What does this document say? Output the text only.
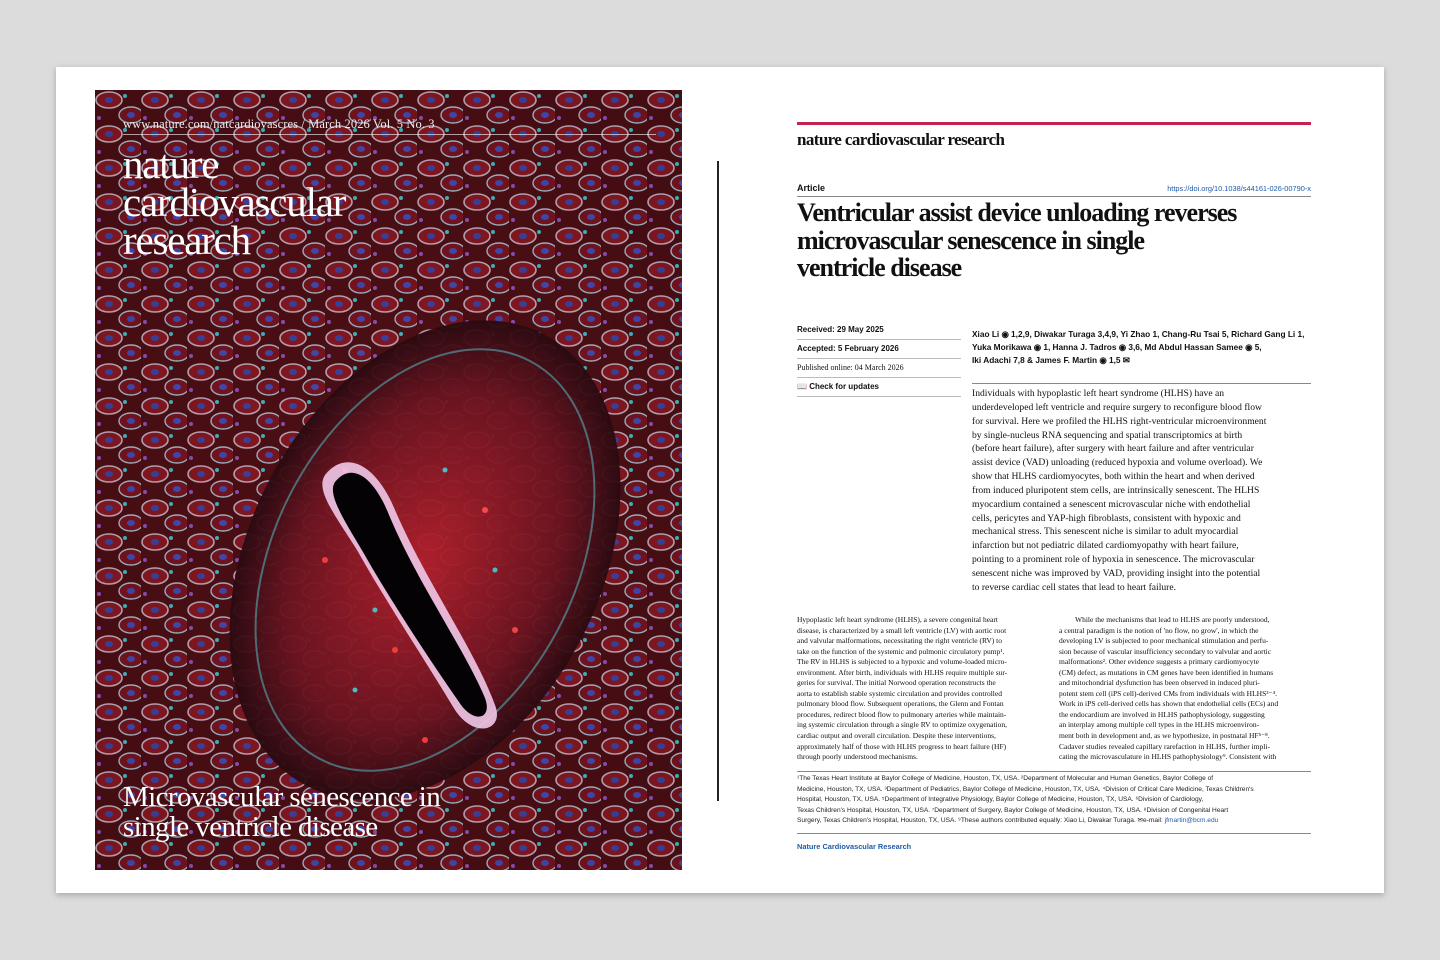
www.nature.com/natcardiovascres / March 2026 Vol. 5 No. 3
nature
cardiovascular
research
Microvascular senescence in
single ventricle disease
nature cardiovascular research
Article	https://doi.org/10.1038/s44161-026-00790-x
Ventricular assist device unloading reverses
microvascular senescence in single
ventricle disease
Received: 29 May 2025
Accepted: 5 February 2026
Published online: 04 March 2026
📖 Check for updates
Xiao Li ◉ 1,2,9, Diwakar Turaga 3,4,9, Yi Zhao 1, Chang-Ru Tsai 5, Richard Gang Li 1,
Yuka Morikawa ◉ 1, Hanna J. Tadros ◉ 3,6, Md Abdul Hassan Samee ◉ 5,
Iki Adachi 7,8 & James F. Martin ◉ 1,5 ✉
Individuals with hypoplastic left heart syndrome (HLHS) have an
underdeveloped left ventricle and require surgery to reconfigure blood flow
for survival. Here we profiled the HLHS right-ventricular microenvironment
by single-nucleus RNA sequencing and spatial transcriptomics at birth
(before heart failure), after surgery with heart failure and after ventricular
assist device (VAD) unloading (reduced hypoxia and volume overload). We
show that HLHS cardiomyocytes, both within the heart and when derived
from induced pluripotent stem cells, are intrinsically senescent. The HLHS
myocardium contained a senescent microvascular niche with endothelial
cells, pericytes and YAP-high fibroblasts, consistent with hypoxic and
mechanical stress. This senescent niche is similar to adult myocardial
infarction but not pediatric dilated cardiomyopathy with heart failure,
pointing to a prominent role of hypoxia in senescence. The microvascular
senescent niche was improved by VAD, providing insight into the potential
to reverse cardiac cell states that lead to heart failure.
Hypoplastic left heart syndrome (HLHS), a severe congenital heart
disease, is characterized by a small left ventricle (LV) with aortic root
and valvular malformations, necessitating the right ventricle (RV) to
take on the function of the systemic and pulmonic circulatory pump¹.
The RV in HLHS is subjected to a hypoxic and volume-loaded micro-
environment. After birth, individuals with HLHS require multiple sur-
geries for survival. The initial Norwood operation reconstructs the
aorta to establish stable systemic circulation and provides controlled
pulmonary blood flow. Subsequent operations, the Glenn and Fontan
procedures, redirect blood flow to pulmonary arteries while maintain-
ing systemic circulation through a single RV to optimize oxygenation,
cardiac output and overall circulation. Despite these interventions,
approximately half of those with HLHS progress to heart failure (HF)
through poorly understood mechanisms.
While the mechanisms that lead to HLHS are poorly understood,
a central paradigm is the notion of 'no flow, no grow', in which the
developing LV is subjected to poor mechanical stimulation and perfu-
sion because of vascular insufficiency secondary to valvular and aortic
malformations². Other evidence suggests a primary cardiomyocyte
(CM) defect, as mutations in CM genes have been identified in humans
and mitochondrial dysfunction has been observed in induced pluri-
potent stem cell (iPS cell)-derived CMs from individuals with HLHS³⁻⁴.
Work in iPS cell-derived cells has shown that endothelial cells (ECs) and
the endocardium are involved in HLHS pathophysiology, suggesting
an interplay among multiple cell types in the HLHS microenviron-
ment both in development and, as we hypothesize, in postnatal HF⁵⁻⁸.
Cadaver studies revealed capillary rarefaction in HLHS, further impli-
cating the microvasculature in HLHS pathophysiology⁹. Consistent with
¹The Texas Heart Institute at Baylor College of Medicine, Houston, TX, USA. ²Department of Molecular and Human Genetics, Baylor College of
Medicine, Houston, TX, USA. ³Department of Pediatrics, Baylor College of Medicine, Houston, TX, USA. ⁴Division of Critical Care Medicine, Texas Children's
Hospital, Houston, TX, USA. ⁵Department of Integrative Physiology, Baylor College of Medicine, Houston, TX, USA. ⁶Division of Cardiology,
Texas Children's Hospital, Houston, TX, USA. ⁷Department of Surgery, Baylor College of Medicine, Houston, TX, USA. ⁸Division of Congenital Heart
Surgery, Texas Children's Hospital, Houston, TX, USA. ⁹These authors contributed equally: Xiao Li, Diwakar Turaga. ✉e-mail: jfmartin@bcm.edu
Nature Cardiovascular Research
